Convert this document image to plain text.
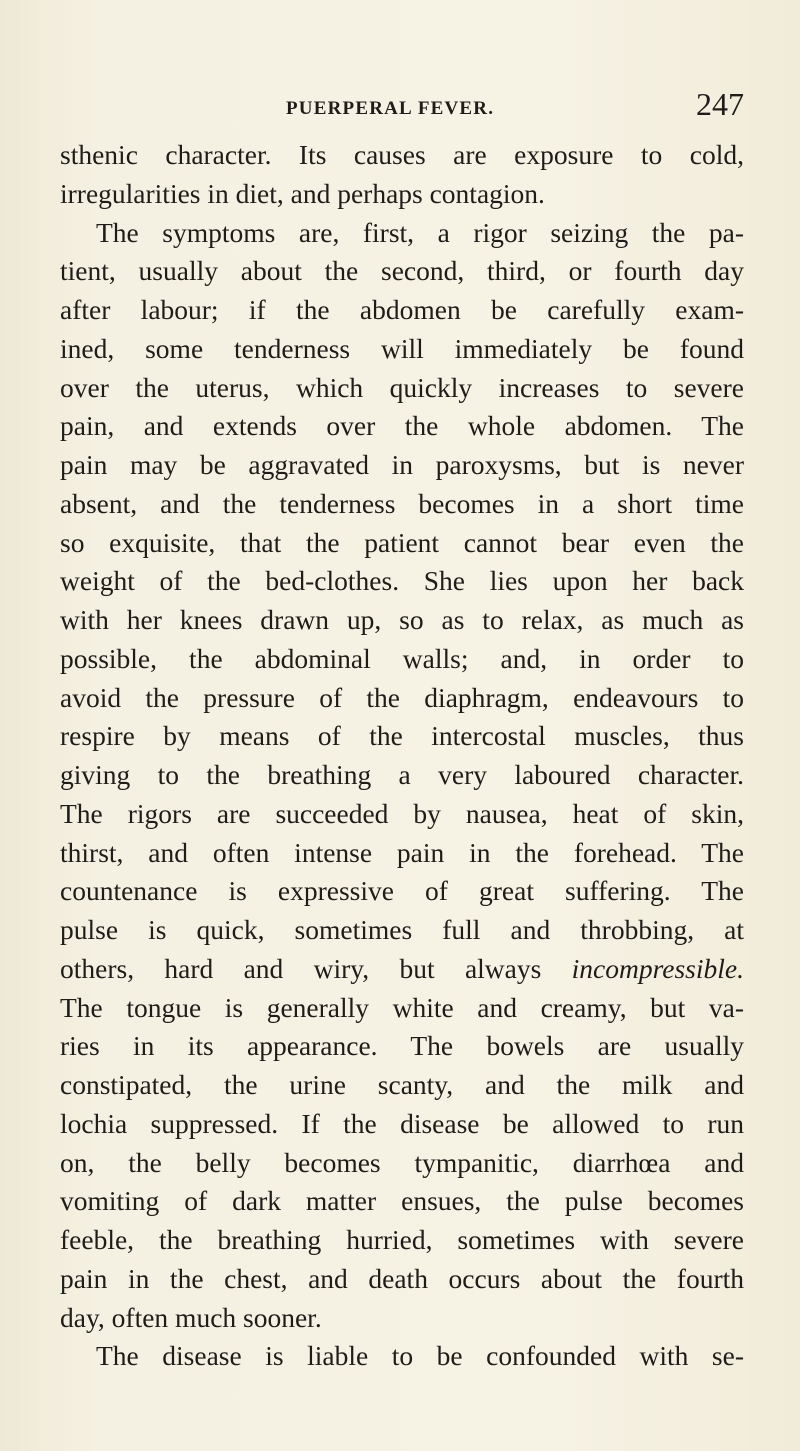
PUERPERAL FEVER.	247
sthenic character. Its causes are exposure to cold,
irregularities in diet, and perhaps contagion.
The symptoms are, first, a rigor seizing the pa-
tient, usually about the second, third, or fourth day
after labour; if the abdomen be carefully exam-
ined, some tenderness will immediately be found
over the uterus, which quickly increases to severe
pain, and extends over the whole abdomen. The
pain may be aggravated in paroxysms, but is never
absent, and the tenderness becomes in a short time
so exquisite, that the patient cannot bear even the
weight of the bed-clothes. She lies upon her back
with her knees drawn up, so as to relax, as much as
possible, the abdominal walls; and, in order to
avoid the pressure of the diaphragm, endeavours to
respire by means of the intercostal muscles, thus
giving to the breathing a very laboured character.
The rigors are succeeded by nausea, heat of skin,
thirst, and often intense pain in the forehead. The
countenance is expressive of great suffering. The
pulse is quick, sometimes full and throbbing, at
others, hard and wiry, but always incompressible.
The tongue is generally white and creamy, but va-
ries in its appearance. The bowels are usually
constipated, the urine scanty, and the milk and
lochia suppressed. If the disease be allowed to run
on, the belly becomes tympanitic, diarrhœa and
vomiting of dark matter ensues, the pulse becomes
feeble, the breathing hurried, sometimes with severe
pain in the chest, and death occurs about the fourth
day, often much sooner.
The disease is liable to be confounded with se-
